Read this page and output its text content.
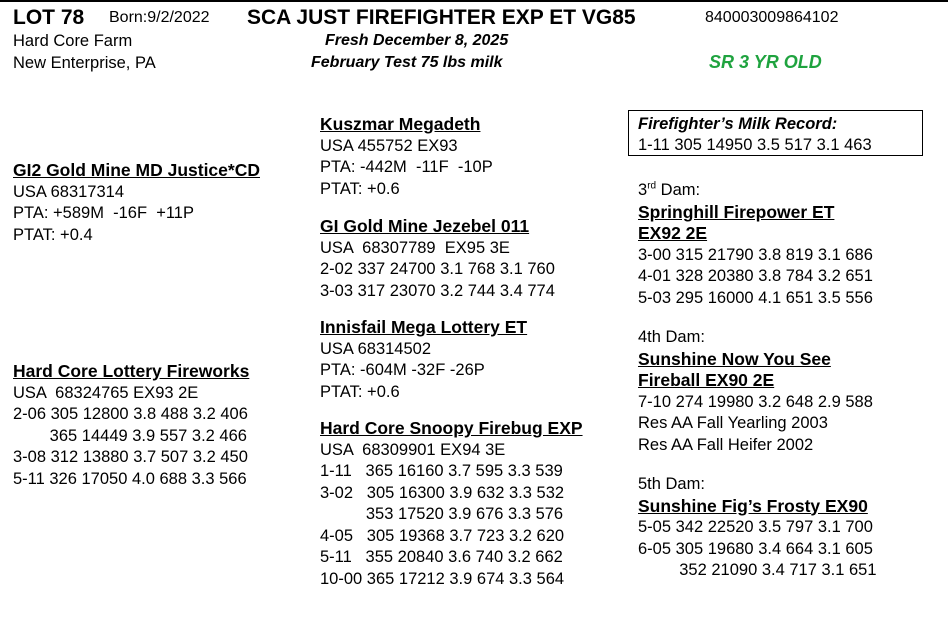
LOT 78 Born:9/2/2022 SCA JUST FIREFIGHTER EXP ET VG85	840003009864102
Hard Core Farm
New Enterprise, PA
Fresh December 8, 2025
February Test 75 lbs milk	SR 3 YR OLD
GI2 Gold Mine MD Justice*CD
USA 68317314
PTA: +589M  -16F  +11P
PTAT: +0.4
Hard Core Lottery Fireworks
USA  68324765 EX93 2E
2-06 305 12800 3.8 488 3.2 406
365 14449 3.9 557 3.2 466
3-08 312 13880 3.7 507 3.2 450
5-11 326 17050 4.0 688 3.3 566
Kuszmar Megadeth
USA 455752 EX93
PTA: -442M  -11F  -10P
PTAT: +0.6
GI Gold Mine Jezebel 011
USA  68307789  EX95 3E
2-02 337 24700 3.1 768 3.1 760
3-03 317 23070 3.2 744 3.4 774
Innisfail Mega Lottery ET
USA 68314502
PTA: -604M -32F -26P
PTAT: +0.6
Hard Core Snoopy Firebug EXP
USA  68309901 EX94 3E
1-11   365 16160 3.7 595 3.3 539
3-02   305 16300 3.9 632 3.3 532
353 17520 3.9 676 3.3 576
4-05   305 19368 3.7 723 3.2 620
5-11   355 20840 3.6 740 3.2 662
10-00 365 17212 3.9 674 3.3 564
Firefighter’s Milk Record:
1-11 305 14950 3.5 517 3.1 463
3rd Dam:
Springhill Firepower ET
EX92 2E
3-00 315 21790 3.8 819 3.1 686
4-01 328 20380 3.8 784 3.2 651
5-03 295 16000 4.1 651 3.5 556
4th Dam:
Sunshine Now You See
Fireball EX90 2E
7-10 274 19980 3.2 648 2.9 588
Res AA Fall Yearling 2003
Res AA Fall Heifer 2002
5th Dam:
Sunshine Fig’s Frosty EX90
5-05 342 22520 3.5 797 3.1 700
6-05 305 19680 3.4 664 3.1 605
352 21090 3.4 717 3.1 651
